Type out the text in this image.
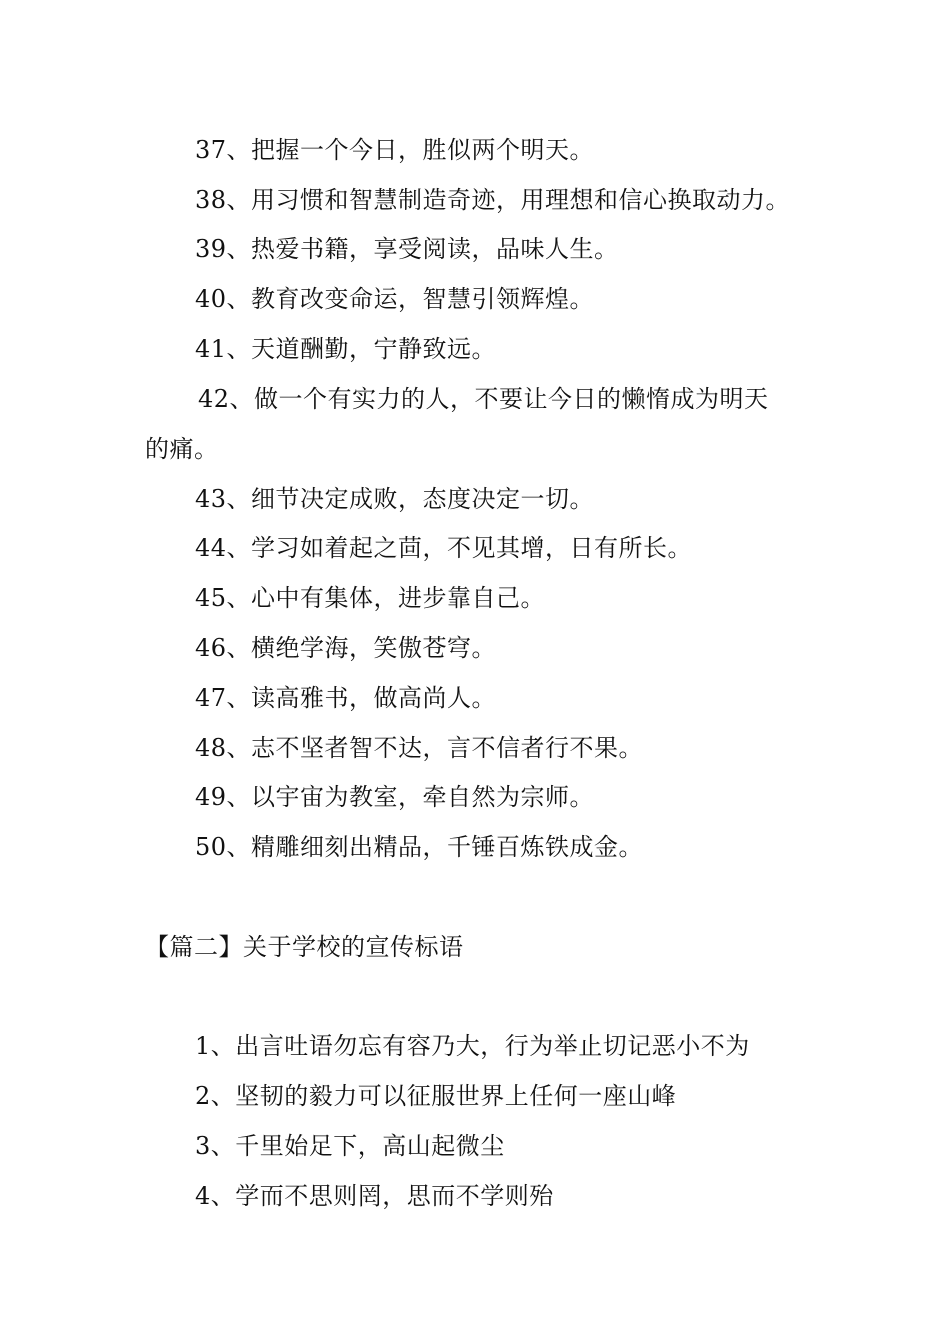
37、把握一个今日，胜似两个明天。
38、用习惯和智慧制造奇迹，用理想和信心换取动力。
39、热爱书籍，享受阅读，品味人生。
40、教育改变命运，智慧引领辉煌。
41、天道酬勤，宁静致远。
42、做一个有实力的人，不要让今日的懒惰成为明天
的痛。
43、细节决定成败，态度决定一切。
44、学习如着起之茴，不见其增，日有所长。
45、心中有集体，进步靠自己。
46、横绝学海，笑傲苍穹。
47、读高雅书，做高尚人。
48、志不坚者智不达，言不信者行不果。
49、以宇宙为教室，牵自然为宗师。
50、精雕细刻出精品，千锤百炼铁成金。
【篇二】关于学校的宣传标语
1、出言吐语勿忘有容乃大，行为举止切记恶小不为
2、坚韧的毅力可以征服世界上任何一座山峰
3、千里始足下，高山起微尘
4、学而不思则罔，思而不学则殆
